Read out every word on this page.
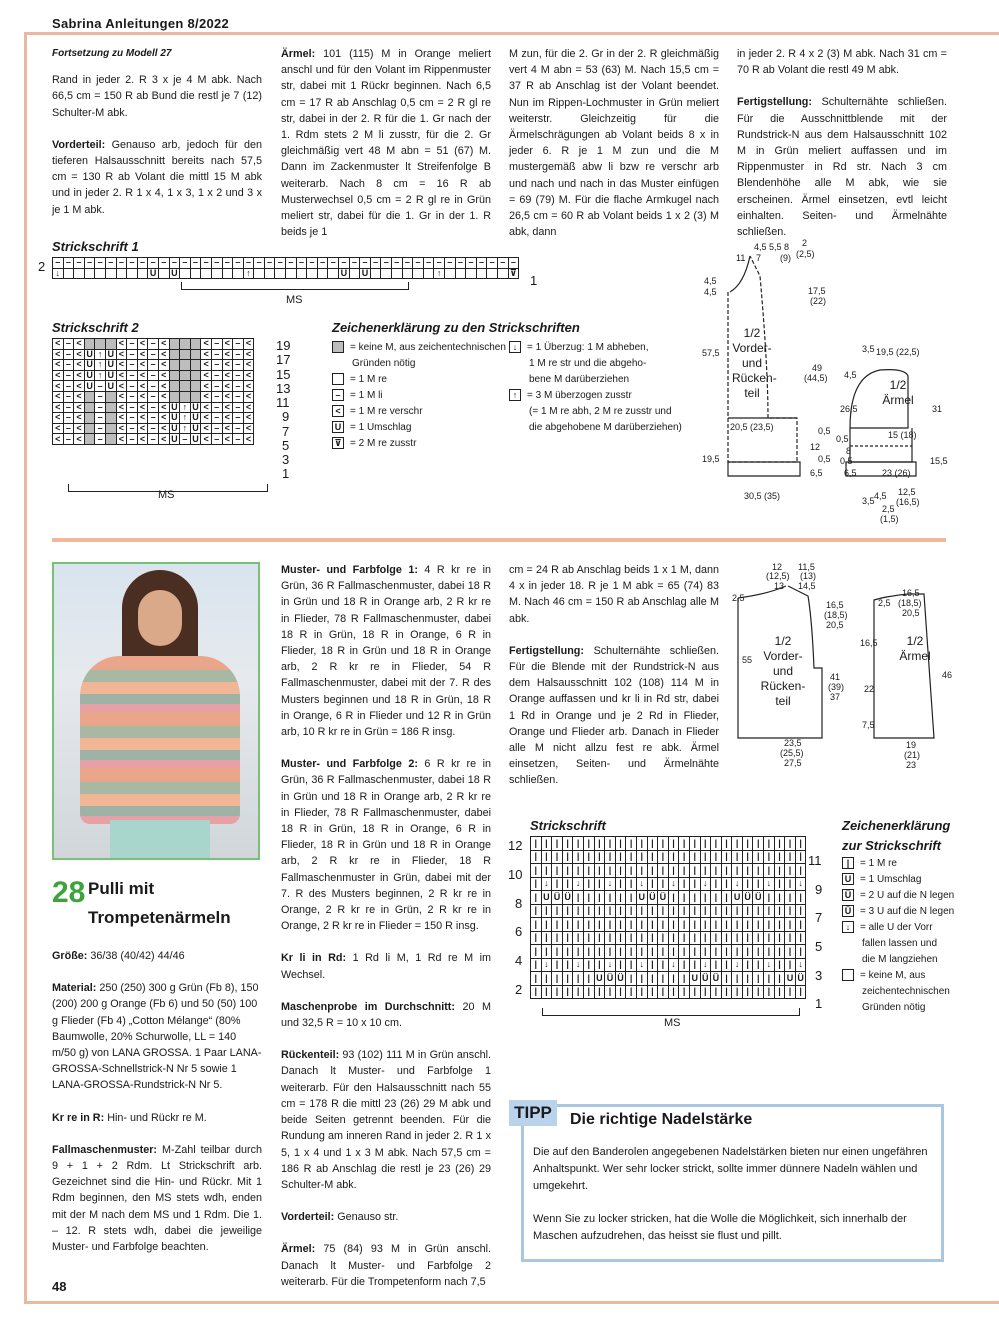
Sabrina Anleitungen 8/2022
Fortsetzung zu Modell 27

Rand in jeder 2. R 3 x je 4 M abk. Nach 66,5 cm = 150 R ab Bund die restl je 7 (12) Schulter-M abk.

Vorderteil: Genauso arb, jedoch für den tieferen Halsausschnitt bereits nach 57,5 cm = 130 R ab Volant die mittl 15 M abk und in jeder 2. R 1 x 4, 1 x 3, 1 x 2 und 3 x je 1 M abk.

Ärmel: 101 (115) M in Orange meliert anschl und für den Volant im Rippenmuster str, dabei mit 1 Rückr beginnen. Nach 6,5 cm = 17 R ab Anschlag 0,5 cm = 2 R gl re str, dabei in der 2. R für die 1. Gr nach der 1. Rdm stets 2 M li zusstr, für die 2. Gr gleichmäßig vert 48 M abn = 51 (67) M. Dann im Zackenmuster lt Streifenfolge B weiterarb. Nach 8 cm = 16 R ab Musterwechsel 0,5 cm = 2 R gl re in Grün meliert str, dabei für die 1. Gr in der 1. R beids je 1

M zun, für die 2. Gr in der 2. R gleichmäßig vert 4 M abn = 53 (63) M. Nach 15,5 cm = 37 R ab Anschlag ist der Volant beendet. Nun im Rippen-Lochmuster in Grün meliert weiterstr. Gleichzeitig für die Ärmelschrägungen ab Volant beids 8 x in jeder 6. R je 1 M zun und die M mustergemäß abw li bzw re verschr arb und nach und nach in das Muster einfügen = 69 (79) M. Für die flache Armkugel nach 26,5 cm = 60 R ab Volant beids 1 x 2 (3) M abk, dann

in jeder 2. R 4 x 2 (3) M abk. Nach 31 cm = 70 R ab Volant die restl 49 M abk.

Fertigstellung: Schulternähte schließen. Für die Ausschnittblende mit der Rundstrick-N aus dem Halsausschnitt 102 M in Grün meliert auffassen und im Rippenmuster in Rd str. Nach 3 cm Blendenhöhe alle M abk, wie sie erscheinen. Ärmel einsetzen, evtl leicht einhalten. Seiten- und Ärmelnähte schließen.

Strickschrift 1
2
1
–	–	–	–	–	–	–	–	–	–	–	–	–	–	–	–	–	–	–	–	–	–	–	–	–	–	–	–	–	–	–	–	–	–	–	–	–	–	–	–	–	–	–	–
↓									U		U							↑									U		U							↑							⊽
MS
Strickschrift 2
<	–	<				<	–	<	–	<				<	–	<	–	<
<	–	<	U	↑	U	<	–	<	–	<				<	–	<	–	<
<	–	<	U	↑	U	<	–	<	–	<				<	–	<	–	<
<	–	<	U	↑	U	<	–	<	–	<				<	–	<	–	<
<	–	<	U	–	U	<	–	<	–	<				<	–	<	–	<
<	–	<		–		<	–	<	–	<				<	–	<	–	<
<	–	<		–		<	–	<	–	<	U	↑	U	<	–	<	–	<
<	–	<		–		<	–	<	–	<	U	↑	U	<	–	<	–	<
<	–	<		–		<	–	<	–	<	U	↑	U	<	–	<	–	<
<	–	<		–		<	–	<	–	<	U	–	U	<	–	<	–	<
19
17
15
13
11
9
7
5
3
1
MS
Zeichenerklärung zu den Strickschriften
= keine M, aus zeichentechnischen
Gründen nötig
= 1 M re
– = 1 M li
< = 1 M re verschr
U = 1 Umschlag
⊽ = 2 M re zusstr
↓ = 1 Überzug: 1 M abheben,
1 M re str und die abgeho-
bene M darüberziehen
↑ = 3 M überzogen zusstr
(= 1 M re abh, 2 M re zusstr und
die abgehobene M darüberziehen)
4,5 5,5 8 2
11 7 (9) (2,5)
4,5
4,5
57,5
19,5
17,5
(22)
49
(44,5) 4,5
1/2 Vorder- und Rücken- teil
20,5 (23,5)	0,5
12
0,5
6,5
30,5 (35)
1/2 Ärmel
3,5 19,5 (22,5)
26,5	31
15 (18)
0,5
8
0,5	15,5
6,5	23 (26)
3,5 4,5 12,5
(16,5)
2,5
(1,5)
28 Pulli mit
Trompetenärmeln

Größe: 36/38 (40/42) 44/46

Material: 250 (250) 300 g Grün (Fb 8), 150 (200) 200 g Orange (Fb 6) und 50 (50) 100 g Flieder (Fb 4) „Cotton Mélange“ (80% Baumwolle, 20% Schurwolle, LL = 140 m/50 g) von LANA GROSSA. 1 Paar LANA-GROSSA-Schnellstrick-N Nr 5 sowie 1 LANA-GROSSA-Rundstrick-N Nr 5.

Kr re in R: Hin- und Rückr re M.

Fallmaschenmuster: M-Zahl teilbar durch 9 + 1 + 2 Rdm. Lt Strickschrift arb. Gezeichnet sind die Hin- und Rückr. Mit 1 Rdm beginnen, den MS stets wdh, enden mit der M nach dem MS und 1 Rdm. Die 1. – 12. R stets wdh, dabei die jeweilige Muster- und Farbfolge beachten.

Muster- und Farbfolge 1: 4 R kr re in Grün, 36 R Fallmaschenmuster, dabei 18 R in Grün und 18 R in Orange arb, 2 R kr re in Flieder, 78 R Fallmaschenmuster, dabei 18 R in Grün, 18 R in Orange, 6 R in Flieder, 18 R in Grün und 18 R in Orange arb, 2 R kr re in Flieder, 54 R Fallmaschenmuster, dabei mit der 7. R des Musters beginnen und 18 R in Grün, 18 R in Orange, 6 R in Flieder und 12 R in Grün arb, 10 R kr re in Grün = 186 R insg.

Muster- und Farbfolge 2: 6 R kr re in Grün, 36 R Fallmaschenmuster, dabei 18 R in Grün und 18 R in Orange arb, 2 R kr re in Flieder, 78 R Fallmaschenmuster, dabei 18 R in Grün, 18 R in Orange, 6 R in Flieder, 18 R in Grün und 18 R in Orange arb, 2 R kr re in Flieder, 18 R Fallmaschenmuster in Grün, dabei mit der 7. R des Musters beginnen, 2 R kr re in Orange, 2 R kr re in Grün, 2 R kr re in Orange, 2 R kr re in Flieder = 150 R insg.

Kr li in Rd: 1 Rd li M, 1 Rd re M im Wechsel.

Maschenprobe im Durchschnitt: 20 M und 32,5 R = 10 x 10 cm.

Rückenteil: 93 (102) 111 M in Grün anschl. Danach lt Muster- und Farbfolge 1 weiterarb. Für den Halsausschnitt nach 55 cm = 178 R die mittl 23 (26) 29 M abk und beide Seiten getrennt beenden. Für die Rundung am inneren Rand in jeder 2. R 1 x 5, 1 x 4 und 1 x 3 M abk. Nach 57,5 cm = 186 R ab Anschlag die restl je 23 (26) 29 Schulter-M abk.

Vorderteil: Genauso str.

Ärmel: 75 (84) 93 M in Grün anschl. Danach lt Muster- und Farbfolge 2 weiterarb. Für die Trompetenform nach 7,5

cm = 24 R ab Anschlag beids 1 x 1 M, dann 4 x in jeder 18. R je 1 M abk = 65 (74) 83 M. Nach 46 cm = 150 R ab Anschlag alle M abk.

Fertigstellung: Schulternähte schließen. Für die Blende mit der Rundstrick-N aus dem Halsausschnitt 102 (108) 114 M in Orange auffassen und kr li in Rd str, dabei 1 Rd in Orange und je 2 Rd in Flieder, Orange und Flieder arb. Danach in Flieder alle M nicht allzu fest re abk. Ärmel einsetzen, Seiten- und Ärmelnähte schließen.

12
(12,5)
13
11,5
(13)
14,5
2,5
55
16,5
(18,5)
20,5
41
(39)
37
1/2 Vorder- und Rücken- teil
23,5
(25,5)
27,5
1/2 Ärmel
2,5
16,5
(18,5)
20,5
16,5
22
46
7,5
19
(21)
23
Strickschrift
|	|	|	|	|	|	|	|	|	|	|	|	|	|	|	|	|	|	|	|	|	|	|	|	|	|
|	|	|	|	|	|	|	|	|	|	|	|	|	|	|	|	|	|	|	|	|	|	|	|	|	|
|	|	|	|	|	|	|	|	|	|	|	|	|	|	|	|	|	|	|	|	|	|	|	|	|	|
|	↓	|	|	↓	|	|	↓	|	|	↓	|	|	↓	|	|	↓	|	|	↓	|	|	↓	|	|	↓
|	U	Ü	Ü	|	|	|	|	|	|	U	Ü	Ü	|	|	|	|	|	|	U	Ü	Ü	|	|	|	|
|	|	|	|	|	|	|	|	|	|	|	|	|	|	|	|	|	|	|	|	|	|	|	|	|	|
|	|	|	|	|	|	|	|	|	|	|	|	|	|	|	|	|	|	|	|	|	|	|	|	|	|
|	|	|	|	|	|	|	|	|	|	|	|	|	|	|	|	|	|	|	|	|	|	|	|	|	|
|	|	|	|	|	|	|	|	|	|	|	|	|	|	|	|	|	|	|	|	|	|	|	|	|	|
|	↓	|	|	↓	|	|	↓	|	|	↓	|	|	↓	|	|	↓	|	|	↓	|	|	↓	|	|	↓
|	|	|	|	|	|	U	Ü	Ü	|	|	|	|	|	|	U	Ü	Ü	|	|	|	|	|	|	U	Ü
|	|	|	|	|	|	|	|	|	|	|	|	|	|	|	|	|	|	|	|	|	|	|	|	|	|
12
10
8
6
4
2
11
9
7
5
3
1
MS
Zeichenerklärung
zur Strickschrift
| = 1 M re
U = 1 Umschlag
Ü = 2 U auf die N legen
Ṻ = 3 U auf die N legen
↓ = alle U der Vorr
fallen lassen und
die M langziehen
= keine M, aus
zeichentechnischen
Gründen nötig
TIPP	Die richtige Nadelstärke

Die auf den Banderolen angegebenen Nadelstärken bieten nur einen ungefähren Anhaltspunkt. Wer sehr locker strickt, sollte immer dünnere Nadeln wählen und umgekehrt.

Wenn Sie zu locker stricken, hat die Wolle die Möglichkeit, sich innerhalb der Maschen aufzudrehen, das heisst sie flust und pillt.

48
